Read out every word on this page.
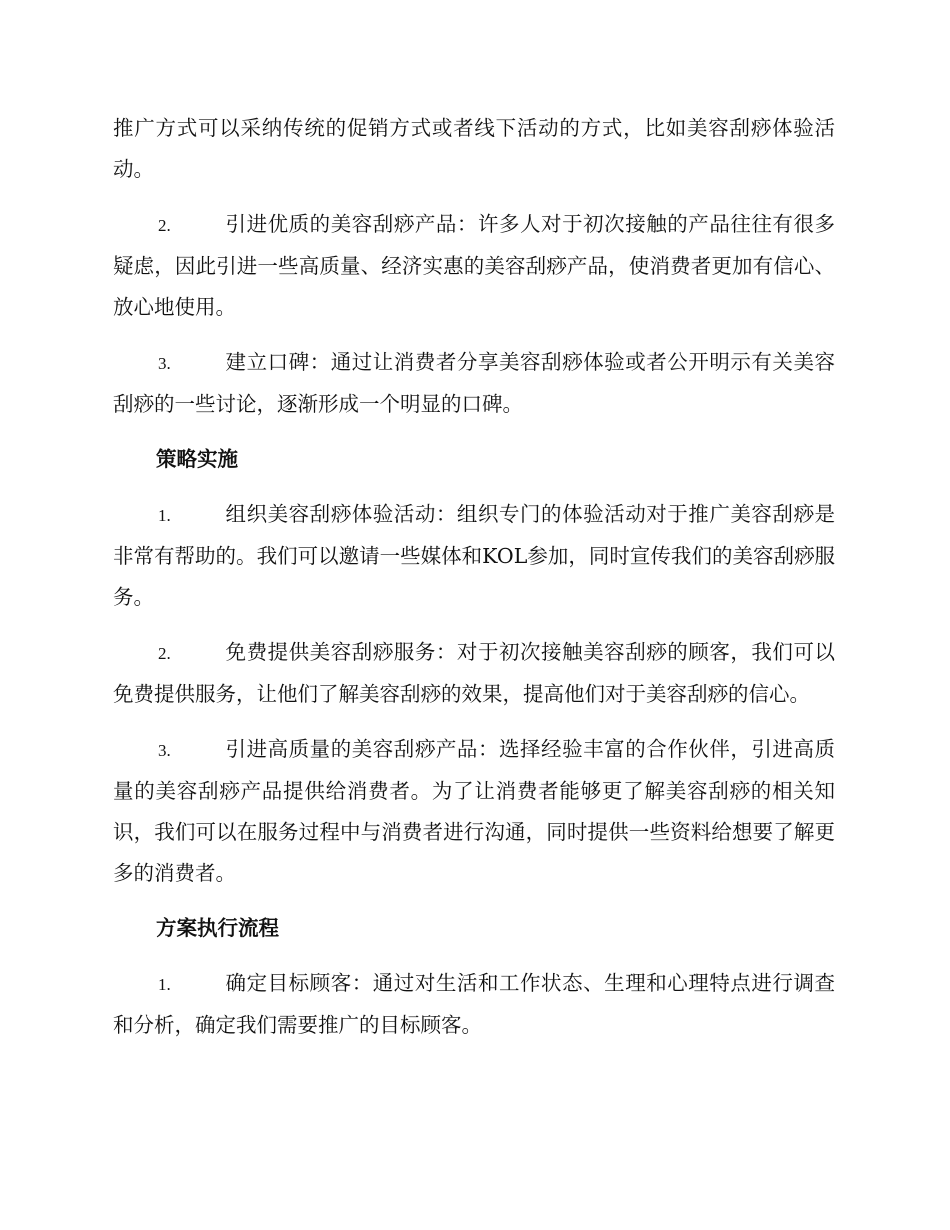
推广方式可以采纳传统的促销方式或者线下活动的方式，比如美容刮痧体验活动。

2.	引进优质的美容刮痧产品：许多人对于初次接触的产品往往有很多疑虑，因此引进一些高质量、经济实惠的美容刮痧产品，使消费者更加有信心、放心地使用。

3.	建立口碑：通过让消费者分享美容刮痧体验或者公开明示有关美容刮痧的一些讨论，逐渐形成一个明显的口碑。

策略实施

1.	组织美容刮痧体验活动：组织专门的体验活动对于推广美容刮痧是非常有帮助的。我们可以邀请一些媒体和KOL参加，同时宣传我们的美容刮痧服务。

2.	免费提供美容刮痧服务：对于初次接触美容刮痧的顾客，我们可以免费提供服务，让他们了解美容刮痧的效果，提高他们对于美容刮痧的信心。

3.	引进高质量的美容刮痧产品：选择经验丰富的合作伙伴，引进高质量的美容刮痧产品提供给消费者。为了让消费者能够更了解美容刮痧的相关知识，我们可以在服务过程中与消费者进行沟通，同时提供一些资料给想要了解更多的消费者。

方案执行流程

1.	确定目标顾客：通过对生活和工作状态、生理和心理特点进行调查和分析，确定我们需要推广的目标顾客。
